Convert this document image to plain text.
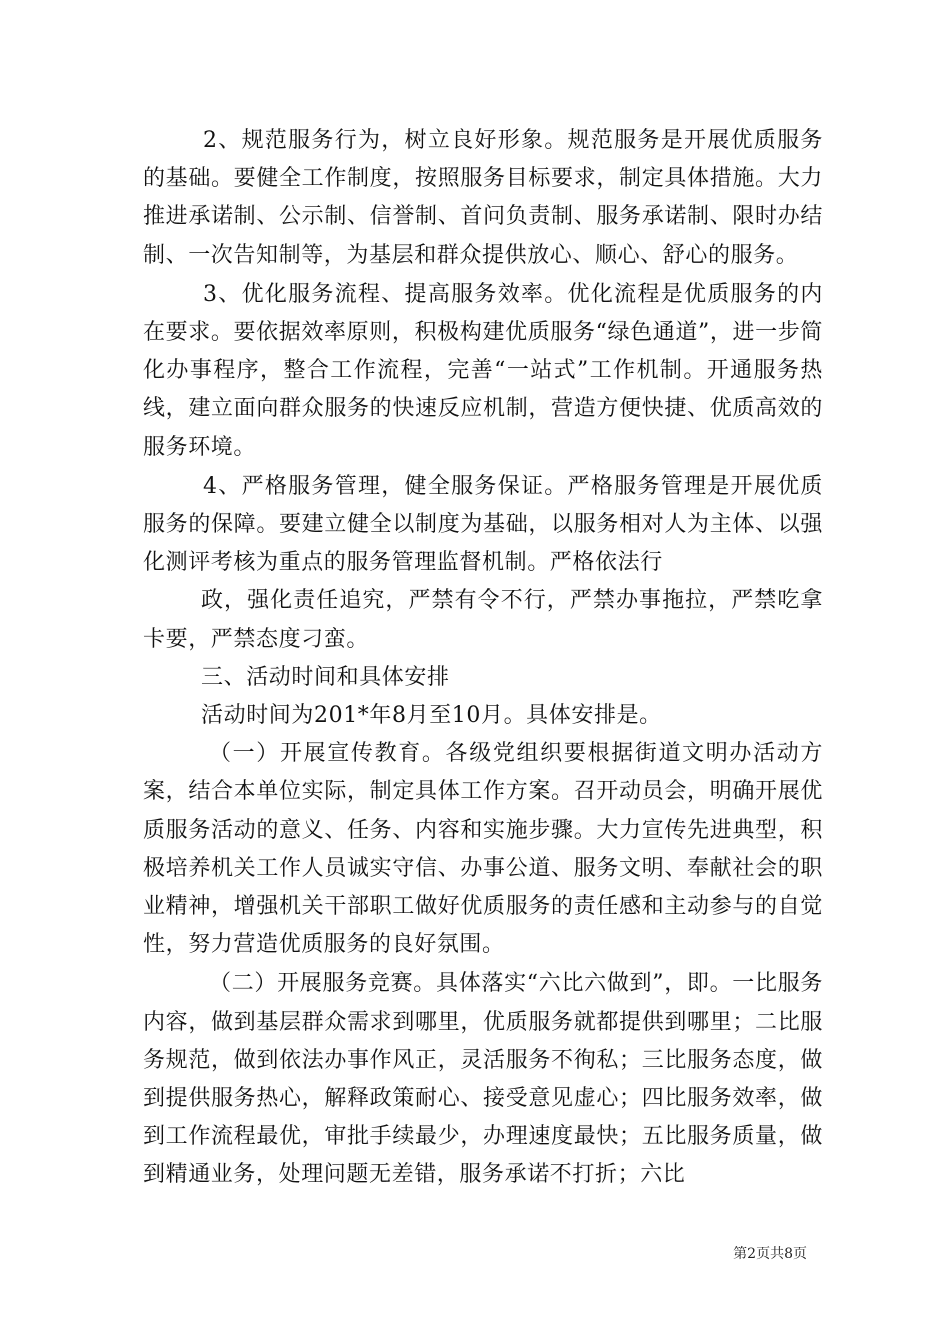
2、规范服务行为，树立良好形象。规范服务是开展优质服务的基础。要健全工作制度，按照服务目标要求，制定具体措施。大力推进承诺制、公示制、信誉制、首问负责制、服务承诺制、限时办结制、一次告知制等，为基层和群众提供放心、顺心、舒心的服务。

3、优化服务流程、提高服务效率。优化流程是优质服务的内在要求。要依据效率原则，积极构建优质服务“绿色通道”，进一步简化办事程序，整合工作流程，完善“一站式”工作机制。开通服务热线，建立面向群众服务的快速反应机制，营造方便快捷、优质高效的服务环境。

4、严格服务管理，健全服务保证。严格服务管理是开展优质服务的保障。要建立健全以制度为基础，以服务相对人为主体、以强化测评考核为重点的服务管理监督机制。严格依法行

政，强化责任追究，严禁有令不行，严禁办事拖拉，严禁吃拿卡要，严禁态度刁蛮。

三、活动时间和具体安排

活动时间为201*年8月至10月。具体安排是。

（一）开展宣传教育。各级党组织要根据街道文明办活动方案，结合本单位实际，制定具体工作方案。召开动员会，明确开展优质服务活动的意义、任务、内容和实施步骤。大力宣传先进典型，积极培养机关工作人员诚实守信、办事公道、服务文明、奉献社会的职业精神，增强机关干部职工做好优质服务的责任感和主动参与的自觉性，努力营造优质服务的良好氛围。

（二）开展服务竞赛。具体落实“六比六做到”，即。一比服务内容，做到基层群众需求到哪里，优质服务就都提供到哪里；二比服务规范，做到依法办事作风正，灵活服务不徇私；三比服务态度，做到提供服务热心，解释政策耐心、接受意见虚心；四比服务效率，做到工作流程最优，审批手续最少，办理速度最快；五比服务质量，做到精通业务，处理问题无差错，服务承诺不打折；六比

第2页共8页
